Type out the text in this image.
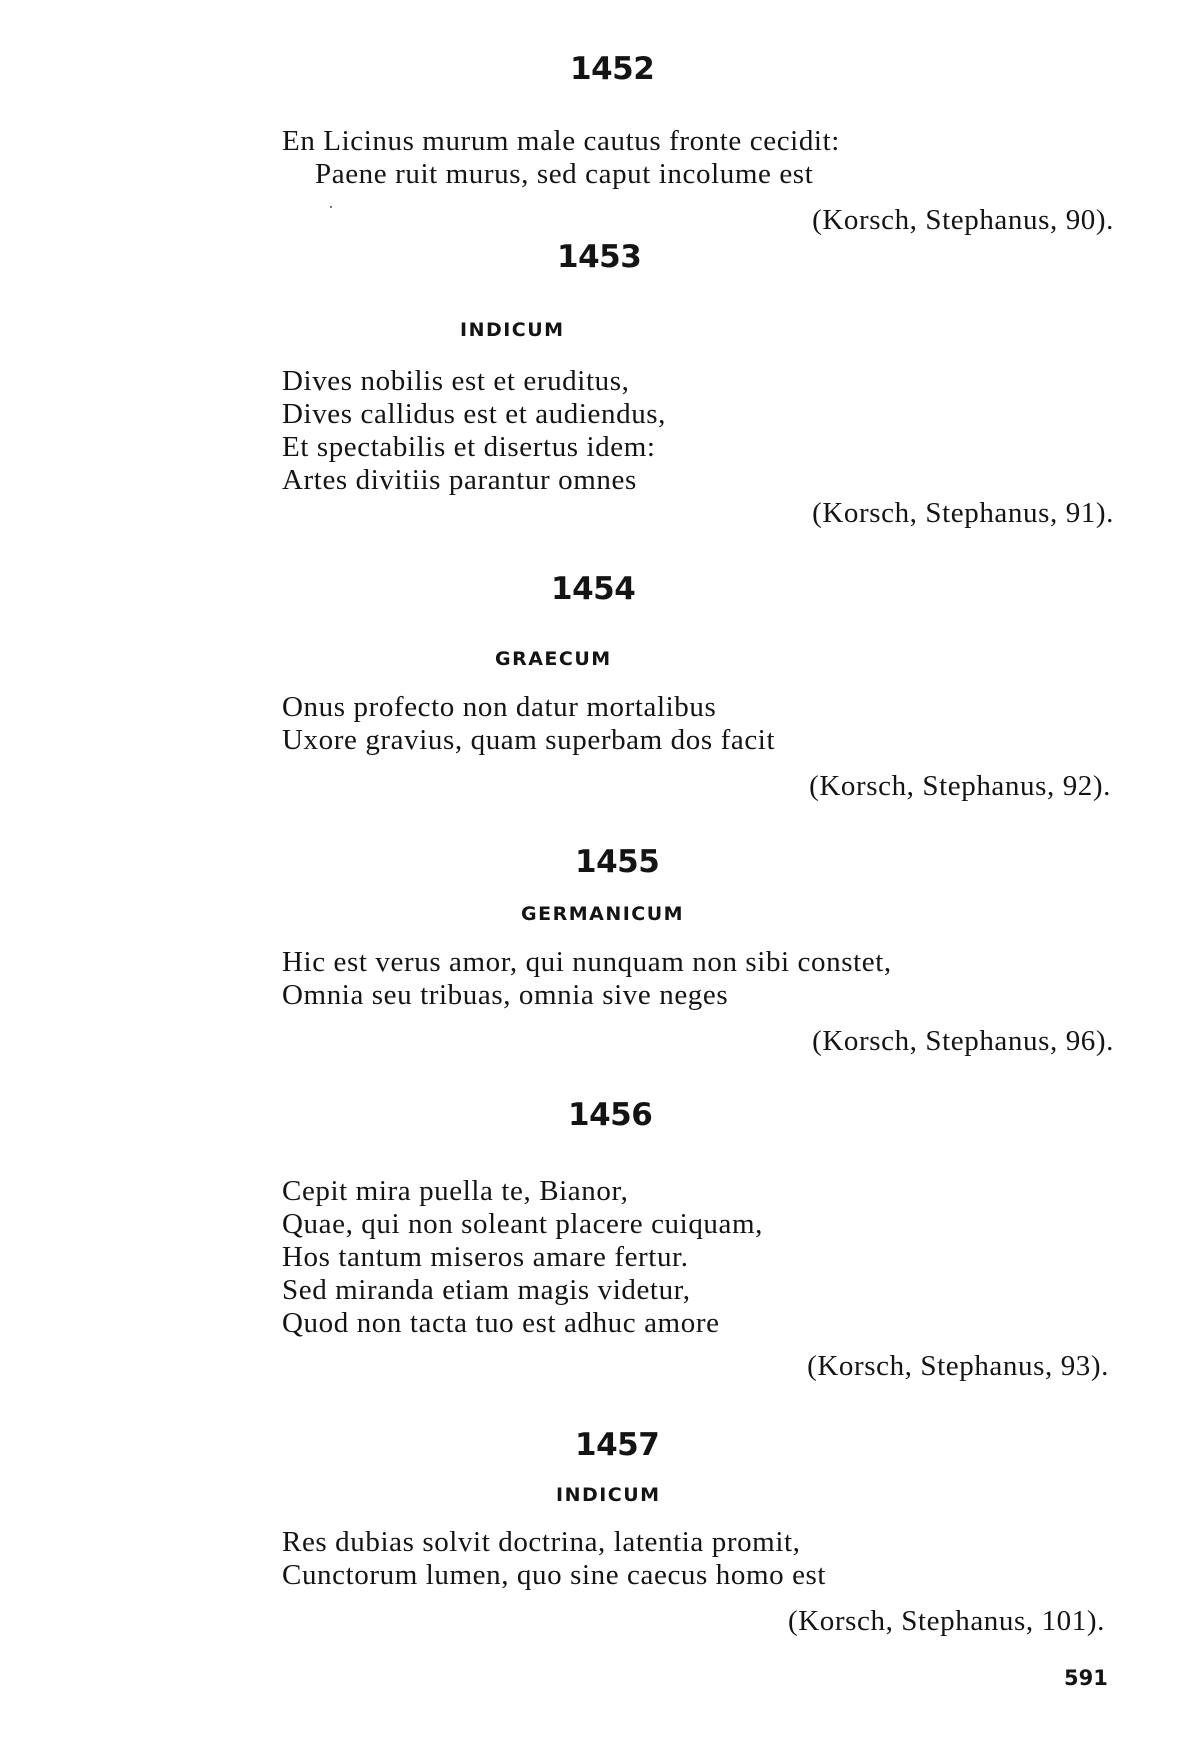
1452
En Licinus murum male cautus fronte cecidit:
Paene ruit murus, sed caput incolume est
(Korsch, Stephanus, 90).
1453
INDICUM
Dives nobilis est et eruditus,
Dives callidus est et audiendus,
Et spectabilis et disertus idem:
Artes divitiis parantur omnes
(Korsch, Stephanus, 91).
1454
GRAECUM
Onus profecto non datur mortalibus
Uxore gravius, quam superbam dos facit
(Korsch, Stephanus, 92).
1455
GERMANICUM
Hic est verus amor, qui nunquam non sibi constet,
Omnia seu tribuas, omnia sive neges
(Korsch, Stephanus, 96).
1456
Cepit mira puella te, Bianor,
Quae, qui non soleant placere cuiquam,
Hos tantum miseros amare fertur.
Sed miranda etiam magis videtur,
Quod non tacta tuo est adhuc amore
(Korsch, Stephanus, 93).
1457
INDICUM
Res dubias solvit doctrina, latentia promit,
Cunctorum lumen, quo sine caecus homo est
(Korsch, Stephanus, 101).
591
